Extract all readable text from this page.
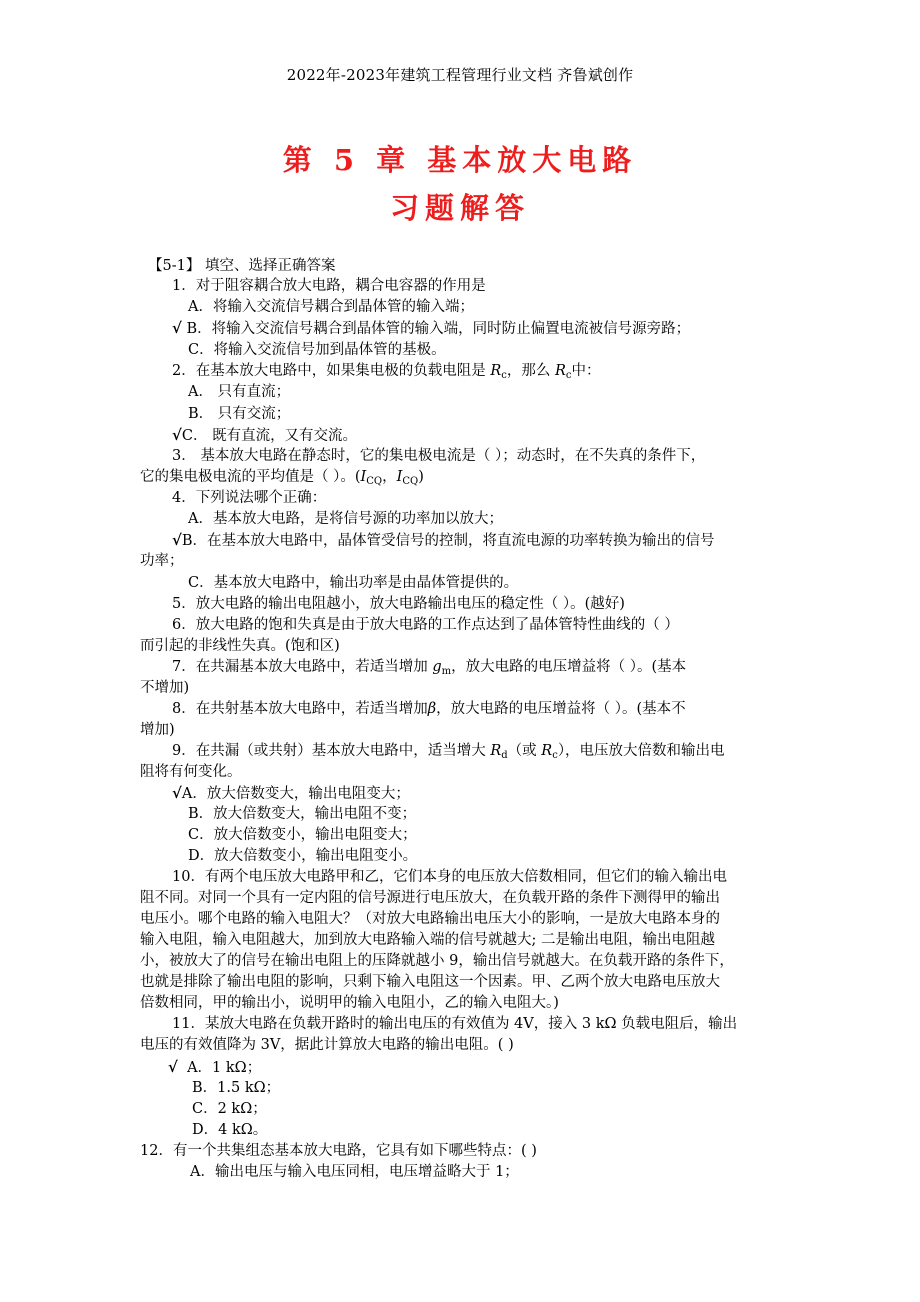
2022年-2023年建筑工程管理行业文档 齐鲁斌创作
第 5 章 基本放大电路
习题解答
【5-1】 填空、选择正确答案
1．对于阻容耦合放大电路，耦合电容器的作用是
A．将输入交流信号耦合到晶体管的输入端；
√ B．将输入交流信号耦合到晶体管的输入端，同时防止偏置电流被信号源旁路；
C．将输入交流信号加到晶体管的基极。
2．在基本放大电路中，如果集电极的负载电阻是 $R_c$，那么 $R_c$中：
A． 只有直流；
B． 只有交流；
√C． 既有直流，又有交流。
3． 基本放大电路在静态时，它的集电极电流是（ ）；动态时，在不失真的条件下，
它的集电极电流的平均值是（ ）。($I_{CQ}$，$I_{CQ}$)
4．下列说法哪个正确：
A．基本放大电路，是将信号源的功率加以放大；
√B．在基本放大电路中，晶体管受信号的控制，将直流电源的功率转换为输出的信号
功率；
C．基本放大电路中，输出功率是由晶体管提供的。
5．放大电路的输出电阻越小，放大电路输出电压的稳定性（ ）。(越好)
6．放大电路的饱和失真是由于放大电路的工作点达到了晶体管特性曲线的（ ）
而引起的非线性失真。(饱和区)
7．在共漏基本放大电路中，若适当增加 $g_m$，放大电路的电压增益将（ ）。(基本
不增加)
8．在共射基本放大电路中，若适当增加β，放大电路的电压增益将（ ）。(基本不
增加)
9．在共漏（或共射）基本放大电路中，适当增大 $R_d$（或 $R_c$），电压放大倍数和输出电
阻将有何变化。
√A．放大倍数变大，输出电阻变大；
B．放大倍数变大，输出电阻不变；
C．放大倍数变小，输出电阻变大；
D．放大倍数变小，输出电阻变小。
10．有两个电压放大电路甲和乙，它们本身的电压放大倍数相同，但它们的输入输出电
阻不同。对同一个具有一定内阻的信号源进行电压放大，在负载开路的条件下测得甲的输出
电压小。哪个电路的输入电阻大？（对放大电路输出电压大小的影响，一是放大电路本身的
输入电阻，输入电阻越大，加到放大电路输入端的信号就越大; 二是输出电阻，输出电阻越
小，被放大了的信号在输出电阻上的压降就越小 9，输出信号就越大。在负载开路的条件下，
也就是排除了输出电阻的影响，只剩下输入电阻这一个因素。甲、乙两个放大电路电压放大
倍数相同，甲的输出小，说明甲的输入电阻小，乙的输入电阻大。)
11．某放大电路在负载开路时的输出电压的有效值为 4V，接入 3 kΩ 负载电阻后，输出
电压的有效值降为 3V，据此计算放大电路的输出电阻。( )
√ A．1 kΩ；
B．1.5 kΩ；
C．2 kΩ；
D．4 kΩ。
12．有一个共集组态基本放大电路，它具有如下哪些特点：( )
A．输出电压与输入电压同相，电压增益略大于 1；
